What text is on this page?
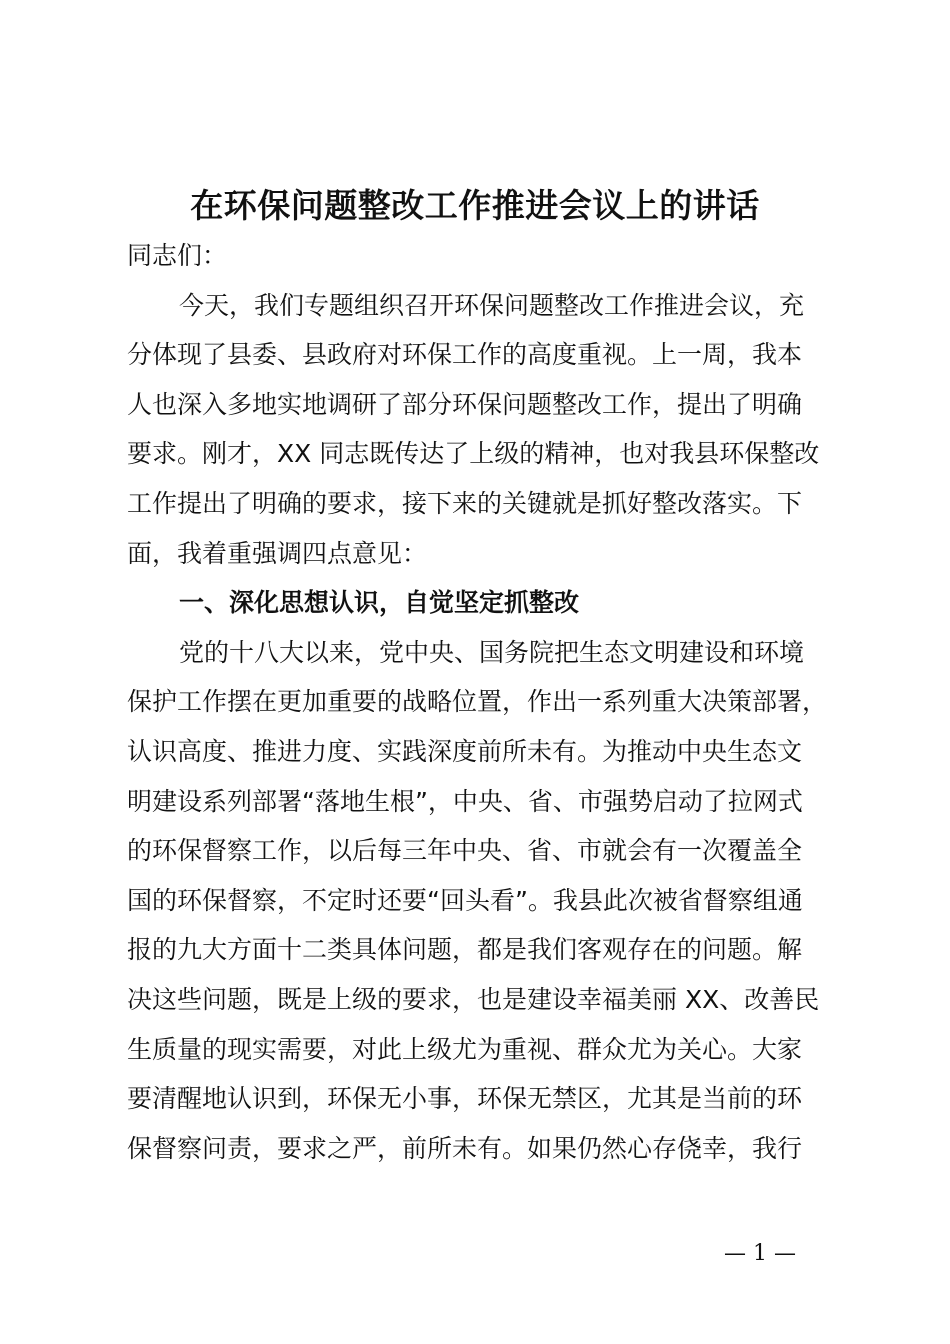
在环保问题整改工作推进会议上的讲话
同志们：
今天，我们专题组织召开环保问题整改工作推进会议，充
分体现了县委、县政府对环保工作的高度重视。上一周，我本
人也深入多地实地调研了部分环保问题整改工作，提出了明确
要求。刚才，XX 同志既传达了上级的精神，也对我县环保整改
工作提出了明确的要求，接下来的关键就是抓好整改落实。下
面，我着重强调四点意见：
一、深化思想认识，自觉坚定抓整改
党的十八大以来，党中央、国务院把生态文明建设和环境
保护工作摆在更加重要的战略位置，作出一系列重大决策部署，
认识高度、推进力度、实践深度前所未有。为推动中央生态文
明建设系列部署“落地生根”，中央、省、市强势启动了拉网式
的环保督察工作，以后每三年中央、省、市就会有一次覆盖全
国的环保督察，不定时还要“回头看”。我县此次被省督察组通
报的九大方面十二类具体问题，都是我们客观存在的问题。解
决这些问题，既是上级的要求，也是建设幸福美丽 XX、改善民
生质量的现实需要，对此上级尤为重视、群众尤为关心。大家
要清醒地认识到，环保无小事，环保无禁区，尤其是当前的环
保督察问责，要求之严，前所未有。如果仍然心存侥幸，我行
— 1 —
